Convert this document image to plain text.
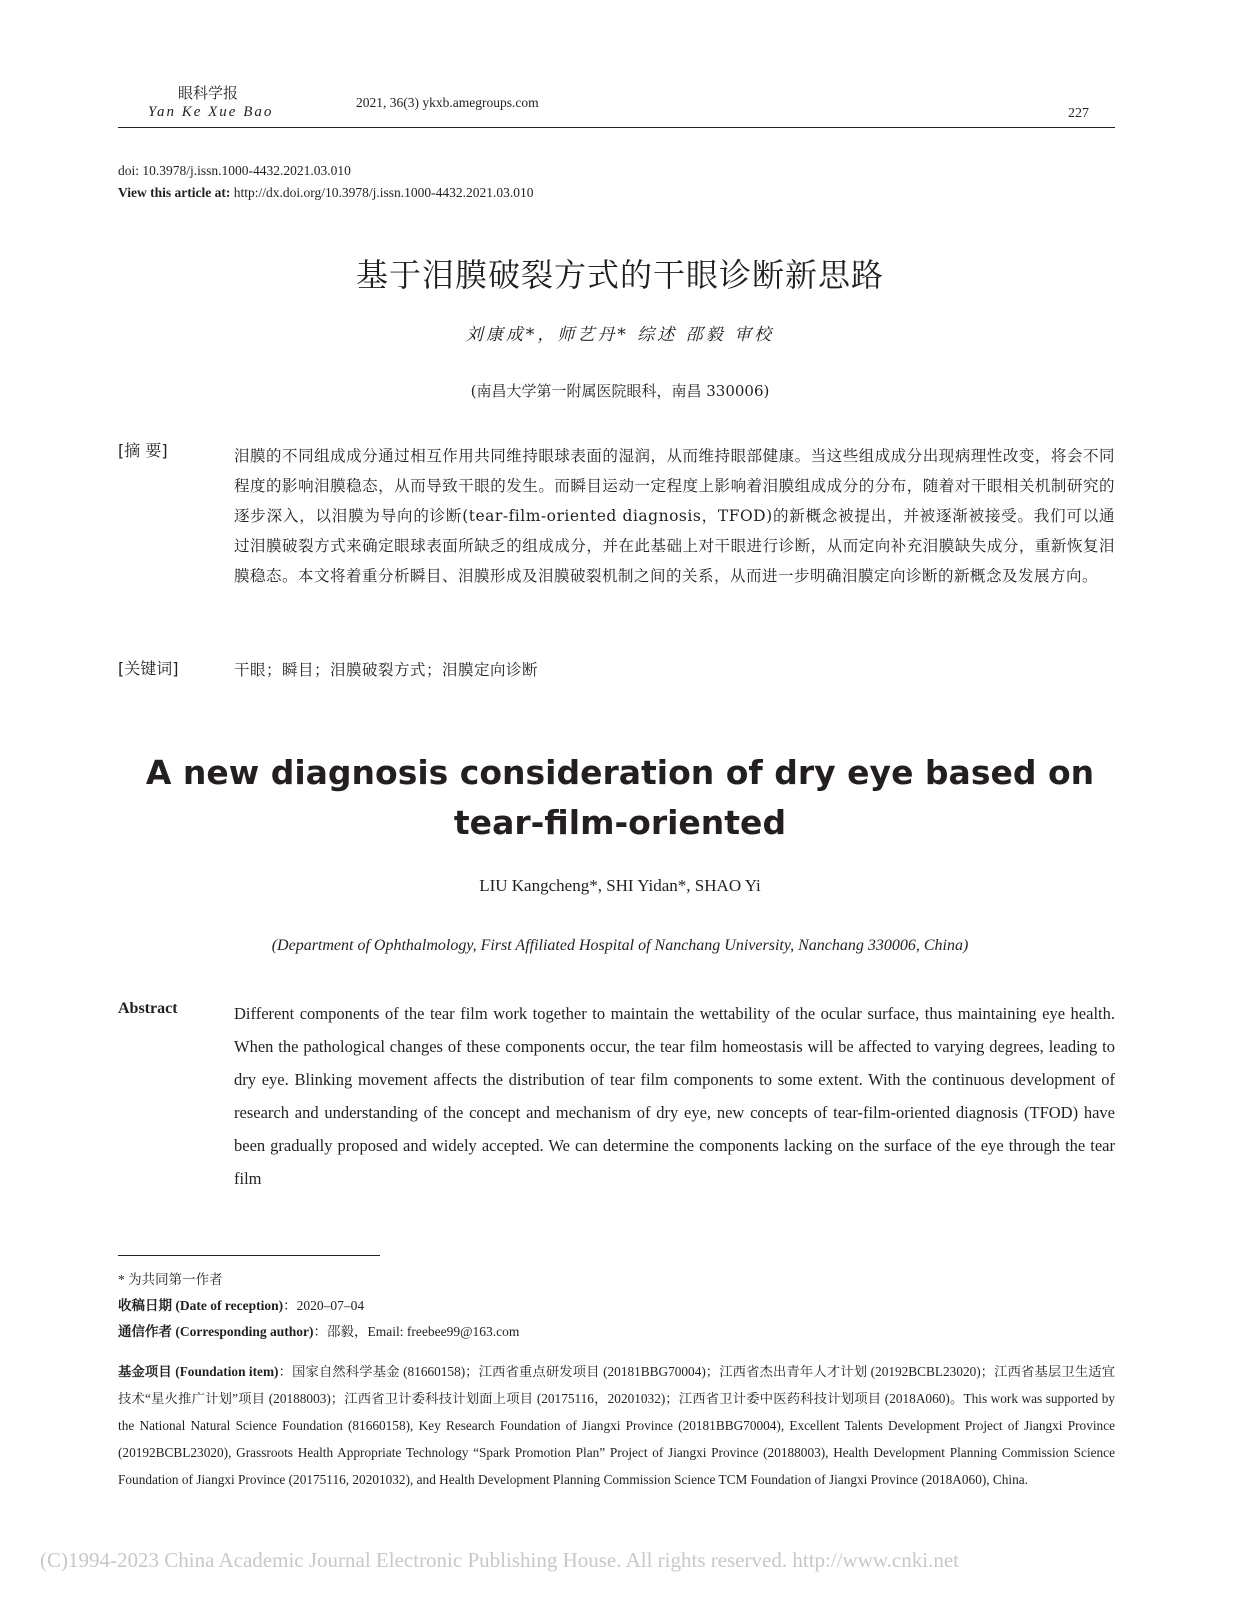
眼科学报
Yan Ke Xue Bao
2021, 36(3) ykxb.amegroups.com
227
doi: 10.3978/j.issn.1000-4432.2021.03.010
View this article at: http://dx.doi.org/10.3978/j.issn.1000-4432.2021.03.010
基于泪膜破裂方式的干眼诊断新思路
刘康成*，师艺丹* 综述 邵毅 审校
(南昌大学第一附属医院眼科，南昌 330006)
[摘 要]	泪膜的不同组成成分通过相互作用共同维持眼球表面的湿润，从而维持眼部健康。当这些组成成分出现病理性改变，将会不同程度的影响泪膜稳态，从而导致干眼的发生。而瞬目运动一定程度上影响着泪膜组成成分的分布，随着对干眼相关机制研究的逐步深入，以泪膜为导向的诊断(tear-film-oriented diagnosis，TFOD)的新概念被提出，并被逐渐被接受。我们可以通过泪膜破裂方式来确定眼球表面所缺乏的组成成分，并在此基础上对干眼进行诊断，从而定向补充泪膜缺失成分，重新恢复泪膜稳态。本文将着重分析瞬目、泪膜形成及泪膜破裂机制之间的关系，从而进一步明确泪膜定向诊断的新概念及发展方向。
[关键词]	干眼；瞬目；泪膜破裂方式；泪膜定向诊断
A new diagnosis consideration of dry eye based on
tear-film-oriented
LIU Kangcheng*, SHI Yidan*, SHAO Yi
(Department of Ophthalmology, First Affiliated Hospital of Nanchang University, Nanchang 330006, China)
Abstract	Different components of the tear film work together to maintain the wettability of the ocular surface, thus maintaining eye health. When the pathological changes of these components occur, the tear film homeostasis will be affected to varying degrees, leading to dry eye. Blinking movement affects the distribution of tear film components to some extent. With the continuous development of research and understanding of the concept and mechanism of dry eye, new concepts of tear-film-oriented diagnosis (TFOD) have been gradually proposed and widely accepted. We can determine the components lacking on the surface of the eye through the tear film
* 为共同第一作者
收稿日期 (Date of reception)：2020–07–04
通信作者 (Corresponding author)：邵毅，Email: freebee99@163.com
基金项目 (Foundation item)：国家自然科学基金 (81660158)；江西省重点研发项目 (20181BBG70004)；江西省杰出青年人才计划 (20192BCBL23020)；江西省基层卫生适宜技术“星火推广计划”项目 (20188003)；江西省卫计委科技计划面上项目 (20175116，20201032)；江西省卫计委中医药科技计划项目 (2018A060)。This work was supported by the National Natural Science Foundation (81660158), Key Research Foundation of Jiangxi Province (20181BBG70004), Excellent Talents Development Project of Jiangxi Province (20192BCBL23020), Grassroots Health Appropriate Technology “Spark Promotion Plan” Project of Jiangxi Province (20188003), Health Development Planning Commission Science Foundation of Jiangxi Province (20175116, 20201032), and Health Development Planning Commission Science TCM Foundation of Jiangxi Province (2018A060), China.
(C)1994-2023 China Academic Journal Electronic Publishing House. All rights reserved. http://www.cnki.net
